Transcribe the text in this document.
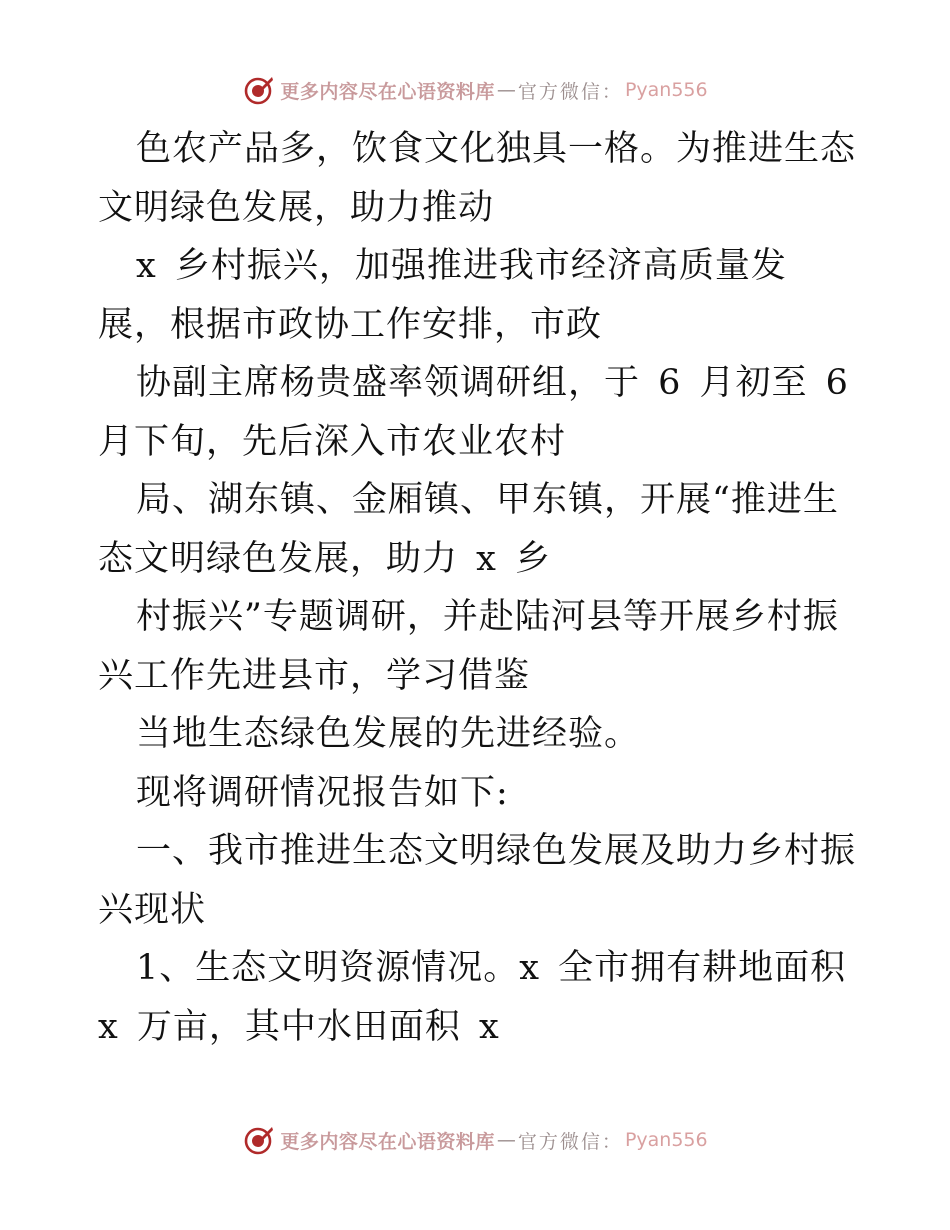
更多内容尽在心语资料库 — 官方微信： Pyan556

色农产品多，饮食文化独具一格。为推进生态文明绿色发展，助力推动

x 乡村振兴，加强推进我市经济高质量发展，根据市政协工作安排，市政

协副主席杨贵盛率领调研组，于 6 月初至 6 月下旬，先后深入市农业农村

局、湖东镇、金厢镇、甲东镇，开展“推进生态文明绿色发展，助力 x 乡

村振兴”专题调研，并赴陆河县等开展乡村振兴工作先进县市，学习借鉴

当地生态绿色发展的先进经验。

现将调研情况报告如下:

一、我市推进生态文明绿色发展及助力乡村振兴现状

1、生态文明资源情况。x 全市拥有耕地面积 x 万亩，其中水田面积 x

更多内容尽在心语资料库 — 官方微信： Pyan556
